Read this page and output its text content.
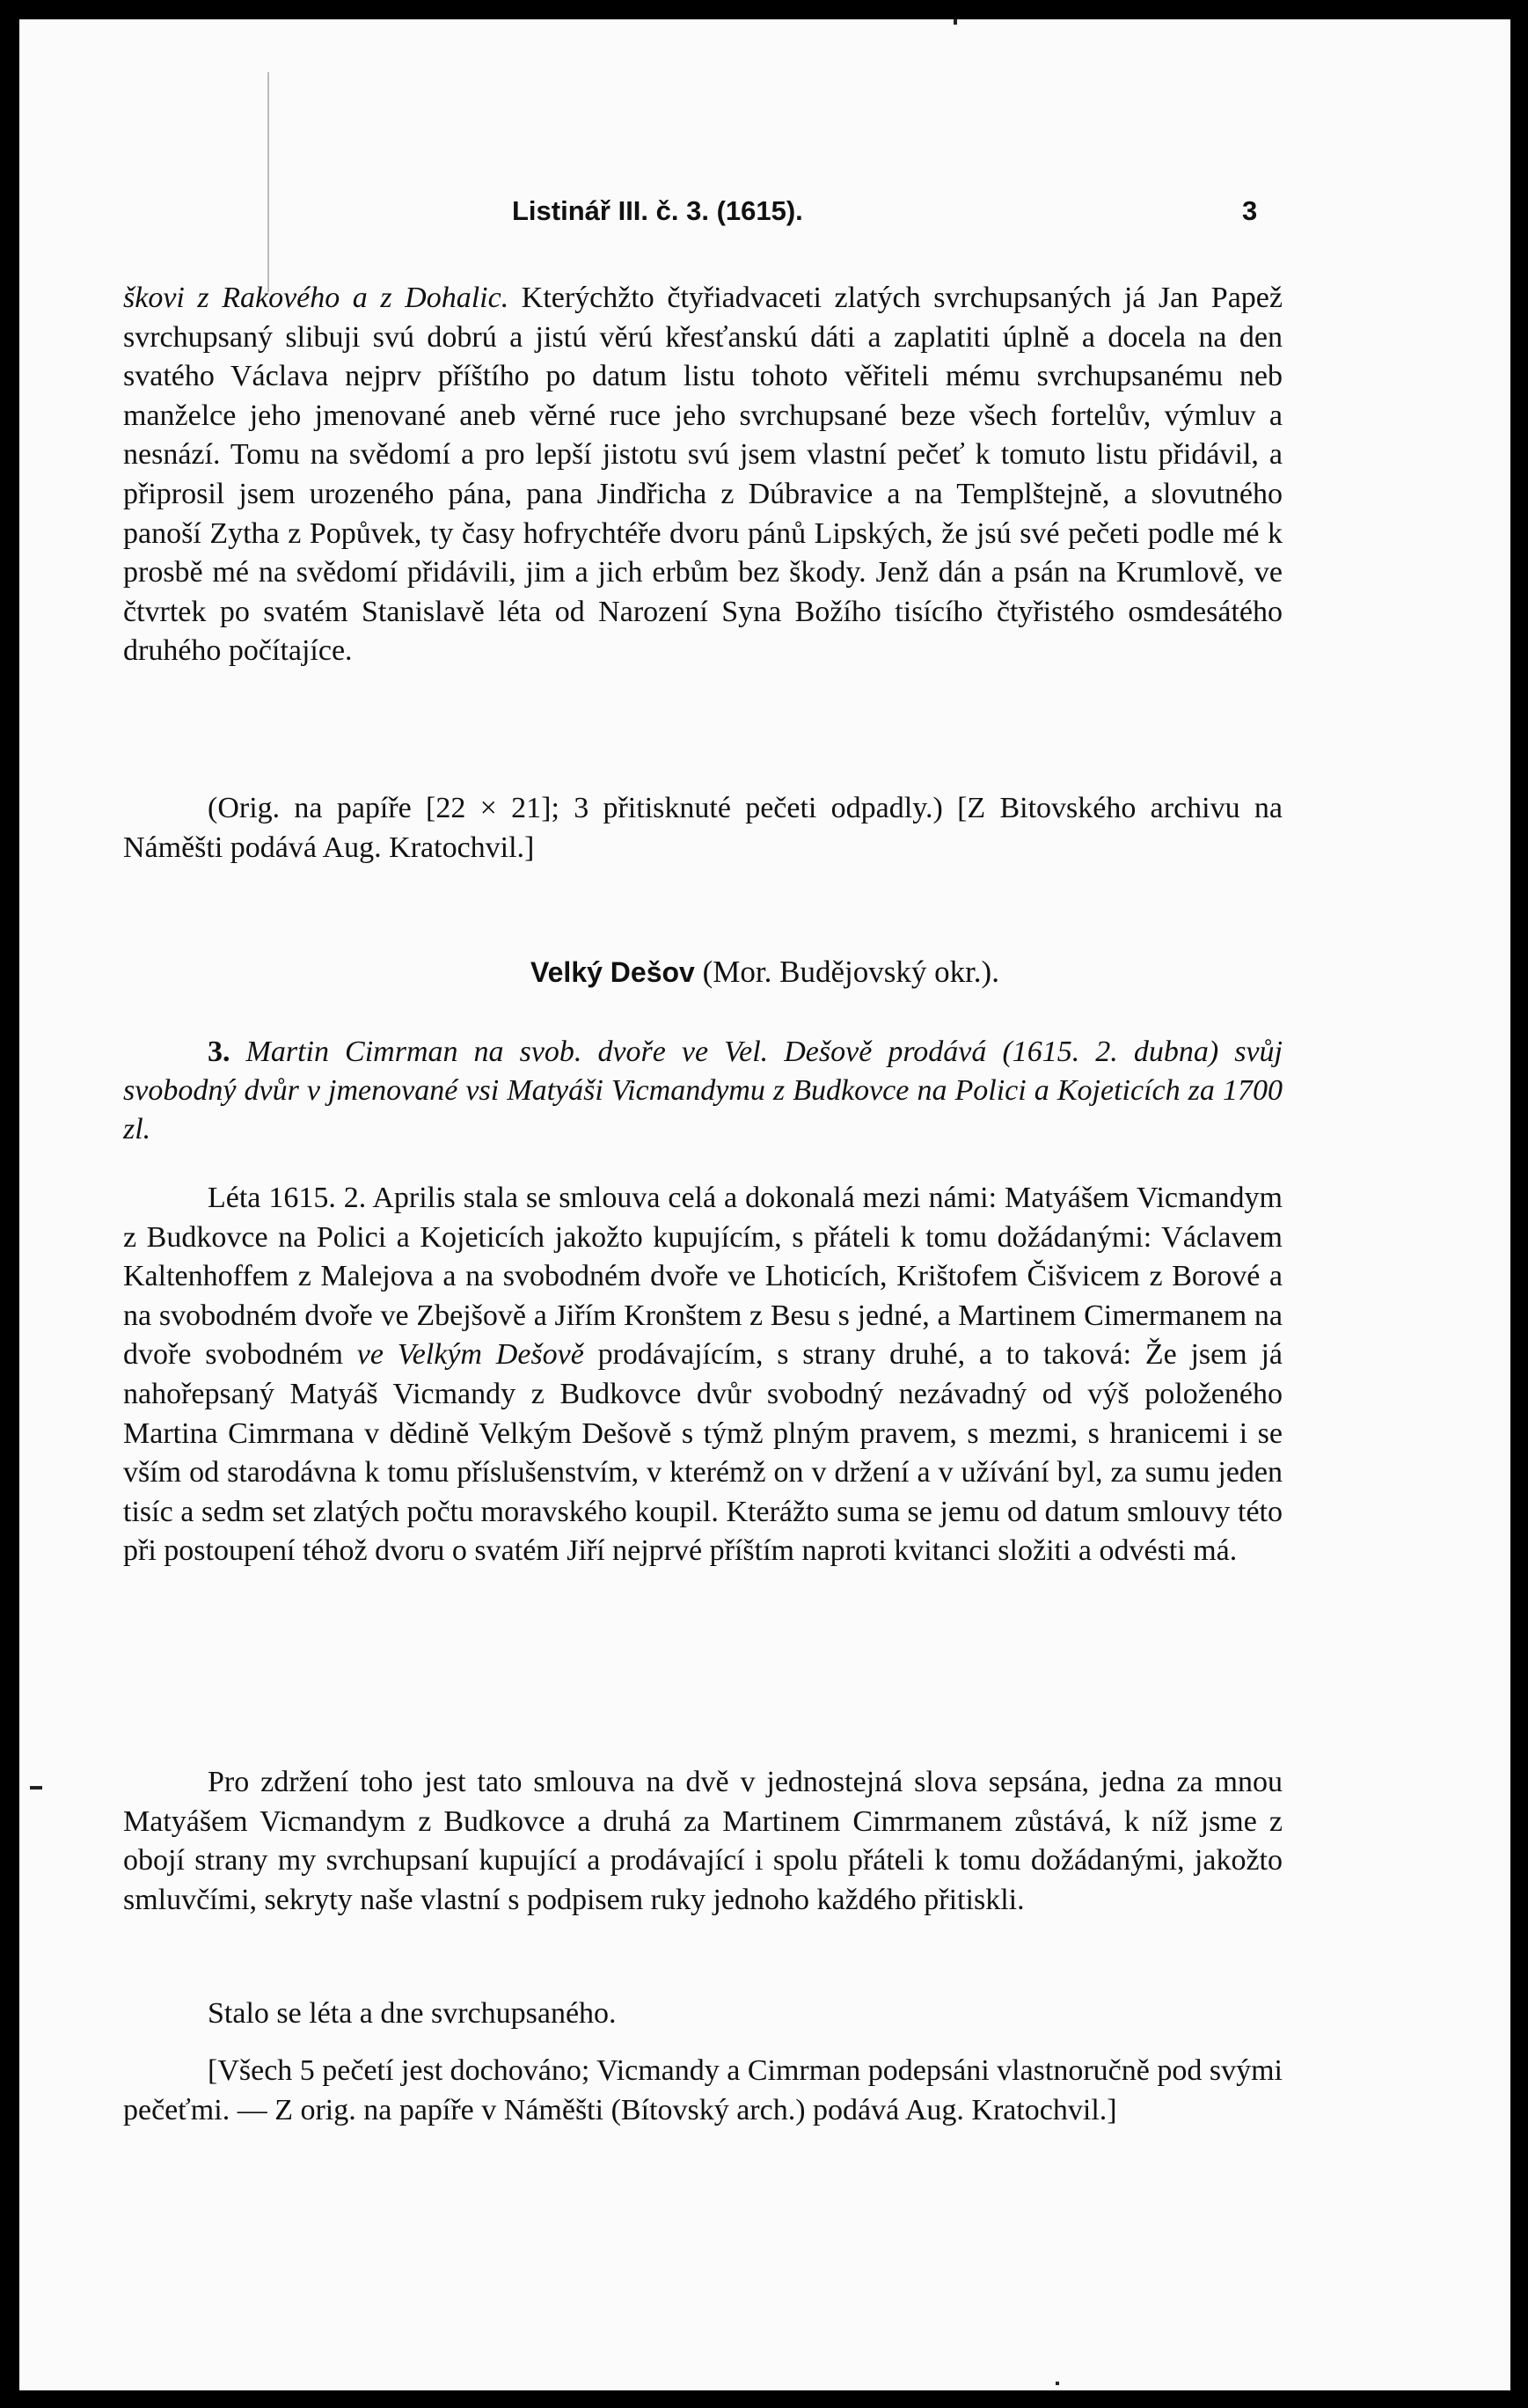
Listinář III. č. 3. (1615).	3

škovi z Rakového a z Dohalic. Kterýchžto čtyřiadvaceti zlatých svrchupsaných já Jan Papež svrchupsaný slibuji svú dobrú a jistú věrú křesťanskú dáti a zaplatiti úplně a docela na den svatého Václava nejprv příštího po datum listu tohoto věřiteli mému svrchupsanému neb manželce jeho jmenované aneb věrné ruce jeho svrchupsané beze všech fortelův, výmluv a nesnází. Tomu na svědomí a pro lepší jistotu svú jsem vlastní pečeť k tomuto listu přidávil, a připrosil jsem urozeného pána, pana Jindřicha z Dúbravice a na Templštejně, a slovutného panoší Zytha z Popůvek, ty časy hofrychtéře dvoru pánů Lipských, že jsú své pečeti podle mé k prosbě mé na svědomí přidávili, jim a jich erbům bez škody. Jenž dán a psán na Krumlově, ve čtvrtek po svatém Stanislavě léta od Narození Syna Božího tisícího čtyřistého osmdesátého druhého počítajíce.

(Orig. na papíře [22 × 21]; 3 přitisknuté pečeti odpadly.) [Z Bitovského archivu na Náměšti podává Aug. Kratochvil.]

Velký Dešov (Mor. Budějovský okr.).

3. Martin Cimrman na svob. dvoře ve Vel. Dešově prodává (1615. 2. dubna) svůj svobodný dvůr v jmenované vsi Matyáši Vicmandymu z Budkovce na Polici a Kojeticích za 1700 zl.

Léta 1615. 2. Aprilis stala se smlouva celá a dokonalá mezi námi: Matyášem Vicmandym z Budkovce na Polici a Kojeticích jakožto kupujícím, s přáteli k tomu dožádanými: Václavem Kaltenhoffem z Malejova a na svobodném dvoře ve Lhoticích, Krištofem Čišvicem z Borové a na svobodném dvoře ve Zbejšově a Jiřím Kronštem z Besu s jedné, a Martinem Cimermanem na dvoře svobodném ve Velkým Dešově prodávajícím, s strany druhé, a to taková: Že jsem já nahořepsaný Matyáš Vicmandy z Budkovce dvůr svobodný nezávadný od výš položeného Martina Cimrmana v dědině Velkým Dešově s týmž plným pravem, s mezmi, s hranicemi i se vším od starodávna k tomu příslušenstvím, v kterémž on v držení a v užívání byl, za sumu jeden tisíc a sedm set zlatých počtu moravského koupil. Kterážto suma se jemu od datum smlouvy této při postoupení téhož dvoru o svatém Jiří nejprvé příštím naproti kvitanci složiti a odvésti má.

Pro zdržení toho jest tato smlouva na dvě v jednostejná slova sepsána, jedna za mnou Matyášem Vicmandym z Budkovce a druhá za Martinem Cimrmanem zůstává, k níž jsme z obojí strany my svrchupsaní kupující a prodávající i spolu přáteli k tomu dožádanými, jakožto smluvčími, sekryty naše vlastní s podpisem ruky jednoho každého přitiskli.

Stalo se léta a dne svrchupsaného.

[Všech 5 pečetí jest dochováno; Vicmandy a Cimrman podepsáni vlastnoručně pod svými pečeťmi. — Z orig. na papíře v Náměšti (Bítovský arch.) podává Aug. Kratochvil.]
